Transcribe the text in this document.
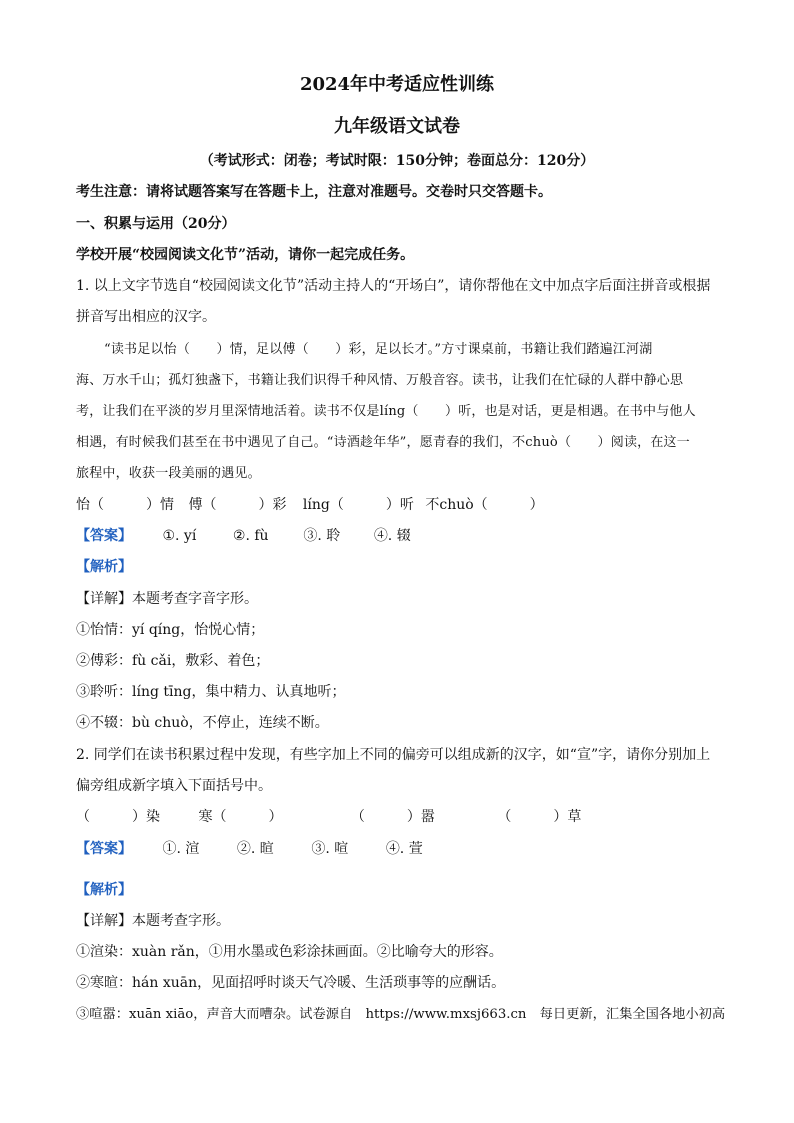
2024年中考适应性训练
九年级语文试卷
（考试形式：闭卷；考试时限：150分钟；卷面总分：120分）
考生注意：请将试题答案写在答题卡上，注意对准题号。交卷时只交答题卡。
一、积累与运用（20分）
学校开展“校园阅读文化节”活动，请你一起完成任务。
1. 以上文字节选自“校园阅读文化节”活动主持人的“开场白”，请你帮他在文中加点字后面注拼音或根据
拼音写出相应的汉字。
“读书足以怡（　　）情，足以傅（　　）彩，足以长才。”方寸课桌前，书籍让我们踏遍江河湖
海、万水千山；孤灯独盏下，书籍让我们识得千种风情、万般音容。读书，让我们在忙碌的人群中静心思
考，让我们在平淡的岁月里深情地活着。读书不仅是líng（　　）听，也是对话，更是相遇。在书中与他人
相遇，有时候我们甚至在书中遇见了自己。“诗酒趁年华”，愿青春的我们，不chuò（　　）阅读，在这一
旅程中，收获一段美丽的遇见。
怡（　　　）情 傅（　　　）彩 líng（　　　）听 不chuò（　　　）
【答案】 ①. yí	②. fù ③. 聆 ④. 辍
【解析】
【详解】本题考查字音字形。
①怡情：yí qíng，怡悦心情；
②傅彩：fù cǎi，敷彩、着色；
③聆听：líng tīng，集中精力、认真地听；
④不辍：bù chuò，不停止，连续不断。
2. 同学们在读书积累过程中发现，有些字加上不同的偏旁可以组成新的汉字，如“宣”字，请你分别加上
偏旁组成新字填入下面括号中。
（　　　）染	寒（　　　）	（　　　）嚣	（　　　）草
【答案】 ①. 渲	②. 暄	③. 喧	④. 萱
【解析】
【详解】本题考查字形。
①渲染：xuàn rǎn，①用水墨或色彩涂抹画面。②比喻夸大的形容。
②寒暄：hán xuān，见面招呼时谈天气冷暖、生活琐事等的应酬话。
③喧嚣：xuān xiāo，声音大而嘈杂。试卷源自　https://www.mxsj663.cn　每日更新，汇集全国各地小初高
